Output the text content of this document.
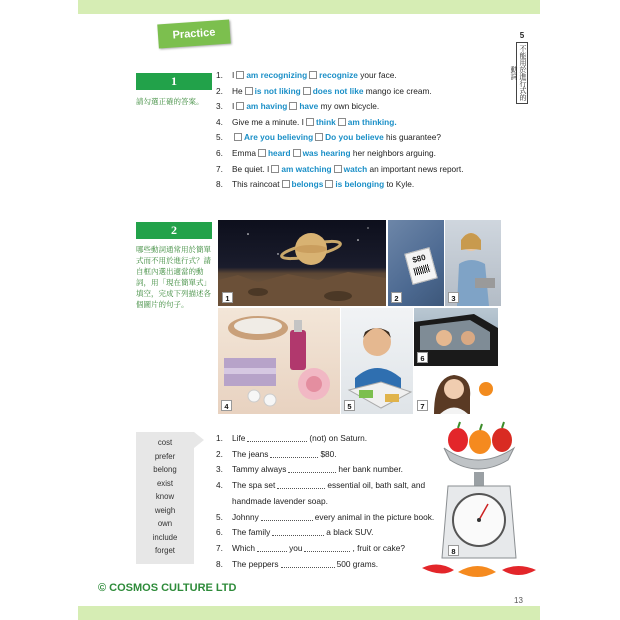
Practice	5
不能用於進行式的動詞
1
請勾選正確的答案。
1.	I am recognizing recognize your face.
2.	He is not liking does not like mango ice cream.
3.	I am having have my own bicycle.
4.	Give me a minute. I think am thinking.
5.	Are you believing Do you believe his guarantee?
6.	Emma heard was hearing her neighbors arguing.
7.	Be quiet. I am watching watch an important news report.
8.	This raincoat belongs is belonging to Kyle.
2
哪些動詞通常用於簡單式而不用於進行式？請自框內選出適當的動詞，用「現在簡單式」填空，完成下列描述各個圖片的句子。
1
$80
2	3
4	5
6
7
cost
prefer
belong
exist
know
weigh
own
include
forget
1.	Life	(not) on Saturn.
2.	The jeans	$80.
3.	Tammy always	her bank number.
4.	The spa set	essential oil, bath salt, and
handmade lavender soap.
5.	Johnny	every animal in the picture book.
6.	The family	a black SUV.
7.	Which	you	, fruit or cake?
8.	The peppers	500 grams.
8
© COSMOS CULTURE LTD
13
